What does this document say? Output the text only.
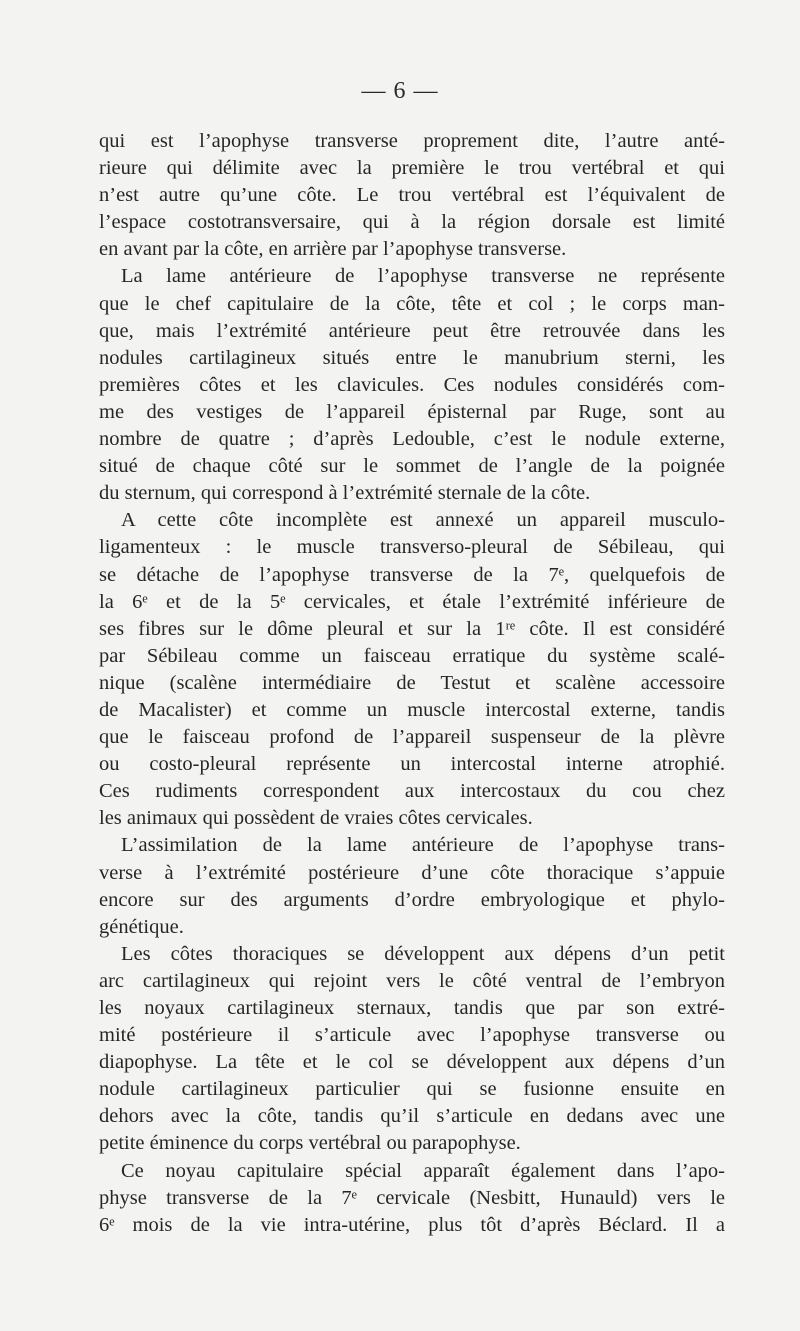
— 6 —
qui est l’apophyse transverse proprement dite, l’autre anté-
rieure qui délimite avec la première le trou vertébral et qui
n’est autre qu’une côte. Le trou vertébral est l’équivalent de
l’espace costotransversaire, qui à la région dorsale est limité
en avant par la côte, en arrière par l’apophyse transverse.
La lame antérieure de l’apophyse transverse ne représente
que le chef capitulaire de la côte, tête et col ; le corps man-
que, mais l’extrémité antérieure peut être retrouvée dans les
nodules cartilagineux situés entre le manubrium sterni, les
premières côtes et les clavicules. Ces nodules considérés com-
me des vestiges de l’appareil épisternal par Ruge, sont au
nombre de quatre ; d’après Ledouble, c’est le nodule externe,
situé de chaque côté sur le sommet de l’angle de la poignée
du sternum, qui correspond à l’extrémité sternale de la côte.
A cette côte incomplète est annexé un appareil musculo-
ligamenteux : le muscle transverso-pleural de Sébileau, qui
se détache de l’apophyse transverse de la 7ᵉ, quelquefois de
la 6ᵉ et de la 5ᵉ cervicales, et étale l’extrémité inférieure de
ses fibres sur le dôme pleural et sur la 1ʳᵉ côte. Il est considéré
par Sébileau comme un faisceau erratique du système scalé-
nique (scalène intermédiaire de Testut et scalène accessoire
de Macalister) et comme un muscle intercostal externe, tandis
que le faisceau profond de l’appareil suspenseur de la plèvre
ou costo-pleural représente un intercostal interne atrophié.
Ces rudiments correspondent aux intercostaux du cou chez
les animaux qui possèdent de vraies côtes cervicales.
L’assimilation de la lame antérieure de l’apophyse trans-
verse à l’extrémité postérieure d’une côte thoracique s’appuie
encore sur des arguments d’ordre embryologique et phylo-
génétique.
Les côtes thoraciques se développent aux dépens d’un petit
arc cartilagineux qui rejoint vers le côté ventral de l’embryon
les noyaux cartilagineux sternaux, tandis que par son extré-
mité postérieure il s’articule avec l’apophyse transverse ou
diapophyse. La tête et le col se développent aux dépens d’un
nodule cartilagineux particulier qui se fusionne ensuite en
dehors avec la côte, tandis qu’il s’articule en dedans avec une
petite éminence du corps vertébral ou parapophyse.
Ce noyau capitulaire spécial apparaît également dans l’apo-
physe transverse de la 7ᵉ cervicale (Nesbitt, Hunauld) vers le
6ᵉ mois de la vie intra-utérine, plus tôt d’après Béclard. Il a
